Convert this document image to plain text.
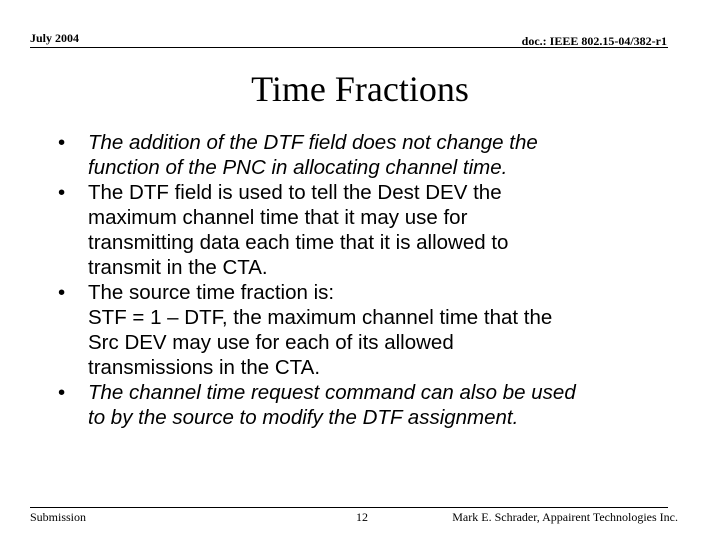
July 2004	doc.: IEEE 802.15-04/382-r1
Time Fractions
• The addition of the DTF field does not change the
function of the PNC in allocating channel time.
• The DTF field is used to tell the Dest DEV the
maximum channel time that it may use for
transmitting data each time that it is allowed to
transmit in the CTA.
• The source time fraction is:
STF = 1 – DTF, the maximum channel time that the
Src DEV may use for each of its allowed
transmissions in the CTA.
• The channel time request command can also be used
to by the source to modify the DTF assignment.
Submission	12	Mark E. Schrader, Appairent Technologies Inc.
